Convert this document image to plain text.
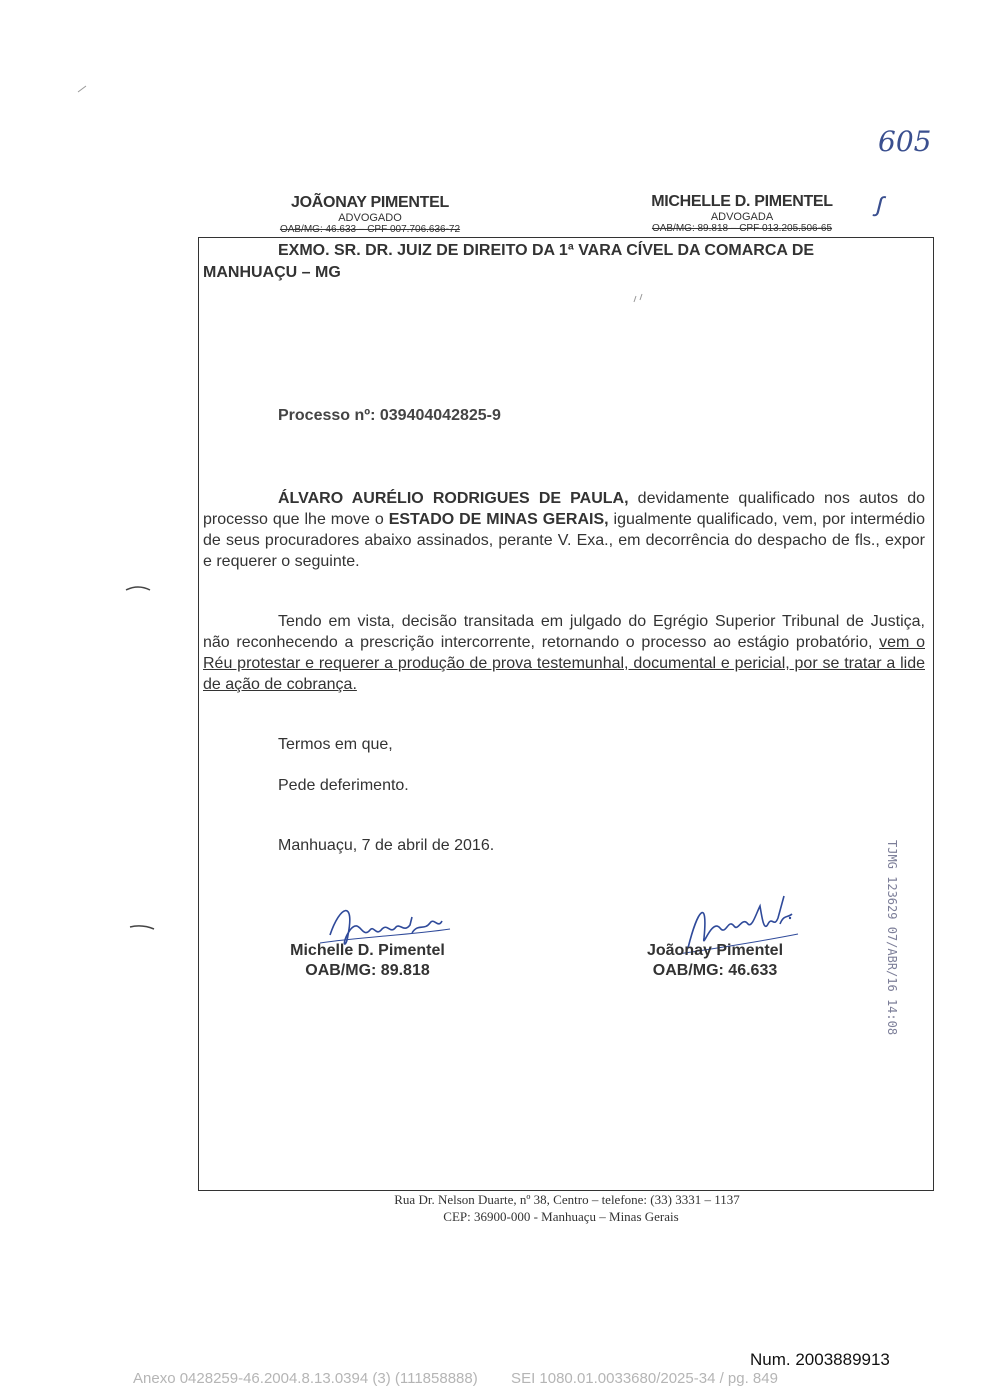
605
ꭍ
JOÃONAY PIMENTEL
ADVOGADO
OAB/MG: 46.633 – CPF 007.706.636-72
MICHELLE D. PIMENTEL
ADVOGADA
OAB/MG: 89.818 – CPF 013.205.506-65
EXMO. SR. DR. JUIZ DE DIREITO DA 1ª VARA CÍVEL DA COMARCA DE
MANHUAÇU – MG
Processo nº: 039404042825-9
ÁLVARO AURÉLIO RODRIGUES DE PAULA, devidamente qualificado nos autos do processo que lhe move o ESTADO DE MINAS GERAIS, igualmente qualificado, vem, por intermédio de seus procuradores abaixo assinados, perante V. Exa., em decorrência do despacho de fls., expor e requerer o seguinte.
Tendo em vista, decisão transitada em julgado do Egrégio Superior Tribunal de Justiça, não reconhecendo a prescrição intercorrente, retornando o processo ao estágio probatório, vem o Réu protestar e requerer a produção de prova testemunhal, documental e pericial, por se tratar a lide de ação de cobrança.
Termos em que,
Pede deferimento.
Manhuaçu, 7 de abril de 2016.
Michelle D. Pimentel
OAB/MG: 89.818
Joãonay Pimentel
OAB/MG: 46.633	TJMG 123629 07/ABR/16 14:08
Rua Dr. Nelson Duarte, nº 38, Centro – telefone: (33) 3331 – 1137
CEP: 36900-000 - Manhuaçu – Minas Gerais
Num. 2003889913
Anexo 0428259-46.2004.8.13.0394 (3) (111858888)        SEI 1080.01.0033680/2025-34 / pg. 849
